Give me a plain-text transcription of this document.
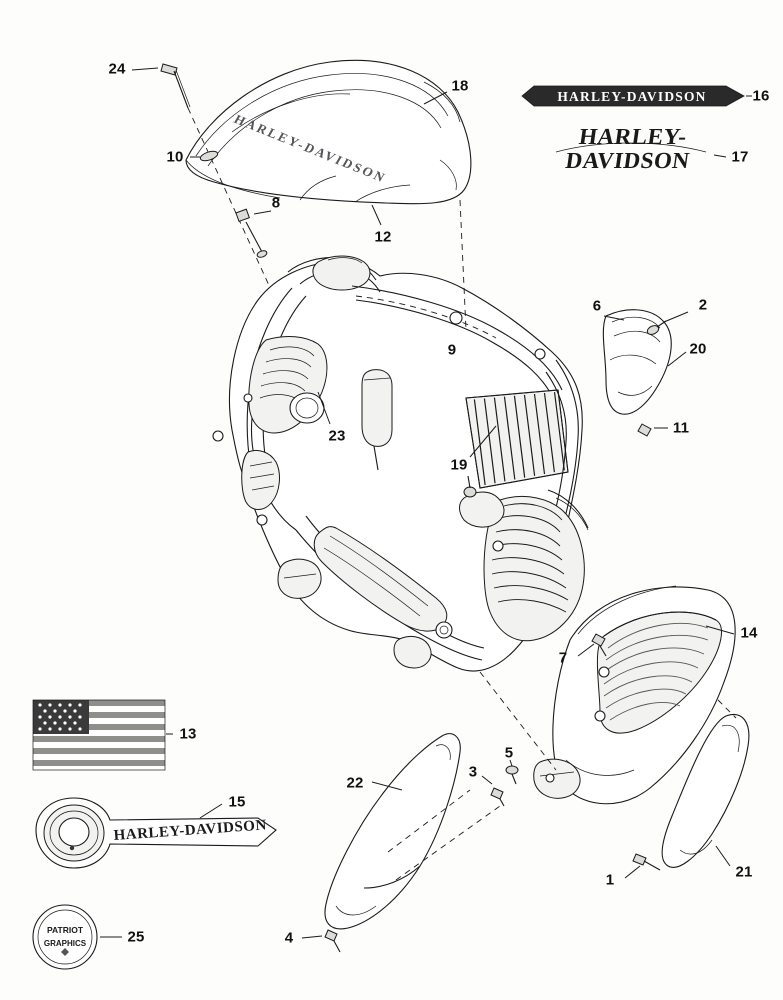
HARLEY-DAVIDSON
HARLEY-DAVIDSON
PATRIOT
GRAPHICS
HARLEY-DAVIDSON
HARLEY-
DAVIDSON
24
18
16
10	17
8
12
6	2
9	20
23	11
19
14
7
13
5
3
22
15
1	21
4
25
